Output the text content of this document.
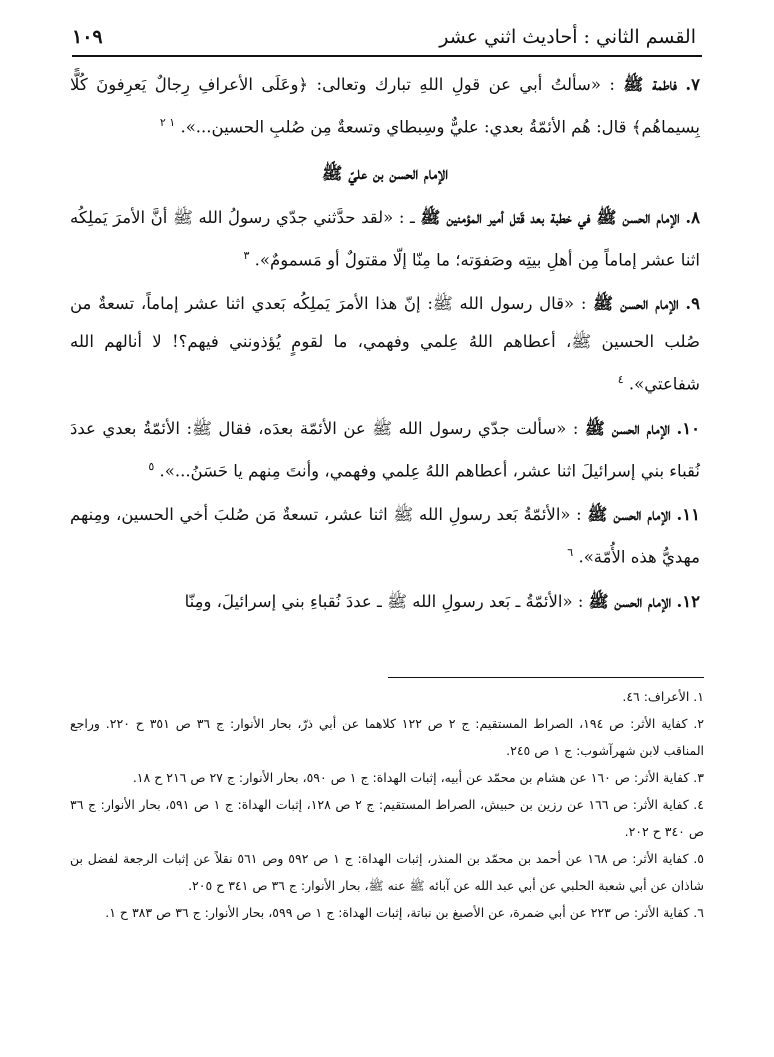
القسم الثاني : أحاديث اثني عشر
١٠٩

٧. فاطمة ﷺ : «سألتُ أبي عن قولِ اللهِ تبارك وتعالى: ﴿وعَلَى الأعرافِ رِجالٌ يَعرِفونَ كُلًّا بِسيماهُم﴾ قال: هُم الأئمّةُ بعدي: عليٌّ وسِبطاي وتسعةٌ مِن صُلبِ الحسين...». $^{١ ٢}$

الإمام الحسن بن عليّ ﷺ

٨. الإمام الحسن ﷺ في خطبة بعد قَتل أمير المؤمنين ﷺ ـ : «لقد حدَّثني جدّي رسولُ الله ﷺ أنَّ الأمرَ يَملِكُه اثنا عشر إماماً مِن أهلِ بيتِه وصَفوَته؛ ما مِنّا إلّا مقتولٌ أو مَسمومٌ». $^٣$

٩. الإمام الحسن ﷺ : «قال رسول الله ﷺ: إنّ هذا الأمرَ يَملِكُه بَعدي اثنا عشر إماماً، تسعةٌ من صُلب الحسين ﷺ، أعطاهم اللهُ عِلمي وفهمي، ما لقومٍ يُؤذونني فيهم؟! لا أنالهم الله شفاعتي». $^٤$

١٠. الإمام الحسن ﷺ : «سألت جدّي رسول الله ﷺ عن الأئمّة بعدَه، فقال ﷺ: الأئمّةُ بعدي عددَ نُقباء بني إسرائيلَ اثنا عشر، أعطاهم اللهُ عِلمي وفهمي، وأنتَ مِنهم يا حَسَنُ...». $^٥$

١١. الإمام الحسن ﷺ : «الأئمّةُ بَعد رسولِ الله ﷺ اثنا عشر، تسعةٌ مَن صُلبَ أخي الحسين، ومِنهم مهديُّ هذه الأُمّة». $^٦$

١٢. الإمام الحسن ﷺ : «الأئمّةُ ـ بَعد رسولِ الله ﷺ ـ عددَ نُقباءِ بني إسرائيلَ، ومِنّا

١. الأعراف: ٤٦.

٢. كفاية الأثر: ص ١٩٤، الصراط المستقيم: ج ٢ ص ١٢٢ كلاهما عن أبي ذرّ، بحار الأنوار: ج ٣٦ ص ٣٥١ ح ٢٢٠. وراجع المناقب لابن شهرآشوب: ج ١ ص ٢٤٥.

٣. كفاية الأثر: ص ١٦٠ عن هشام بن محمّد عن أبيه، إثبات الهداة: ج ١ ص ٥٩٠، بحار الأنوار: ج ٢٧ ص ٢١٦ ح ١٨.

٤. كفاية الأثر: ص ١٦٦ عن رزين بن حبيش، الصراط المستقيم: ج ٢ ص ١٢٨، إثبات الهداة: ج ١ ص ٥٩١، بحار الأنوار: ج ٣٦ ص ٣٤٠ ح ٢٠٢.

٥. كفاية الأثر: ص ١٦٨ عن أحمد بن محمّد بن المنذر، إثبات الهداة: ج ١ ص ٥٩٢ وص ٥٦١ نقلاً عن إثبات الرجعة لفضل بن شاذان عن أبي شعبة الحلبي عن أبي عبد الله عن آبائه ﷺ عنه ﷺ، بحار الأنوار: ج ٣٦ ص ٣٤١ ح ٢٠٥.

٦. كفاية الأثر: ص ٢٢٣ عن أبي ضمرة، عن الأصبغ بن نباتة، إثبات الهداة: ج ١ ص ٥٩٩، بحار الأنوار: ج ٣٦ ص ٣٨٣ ح ١.
